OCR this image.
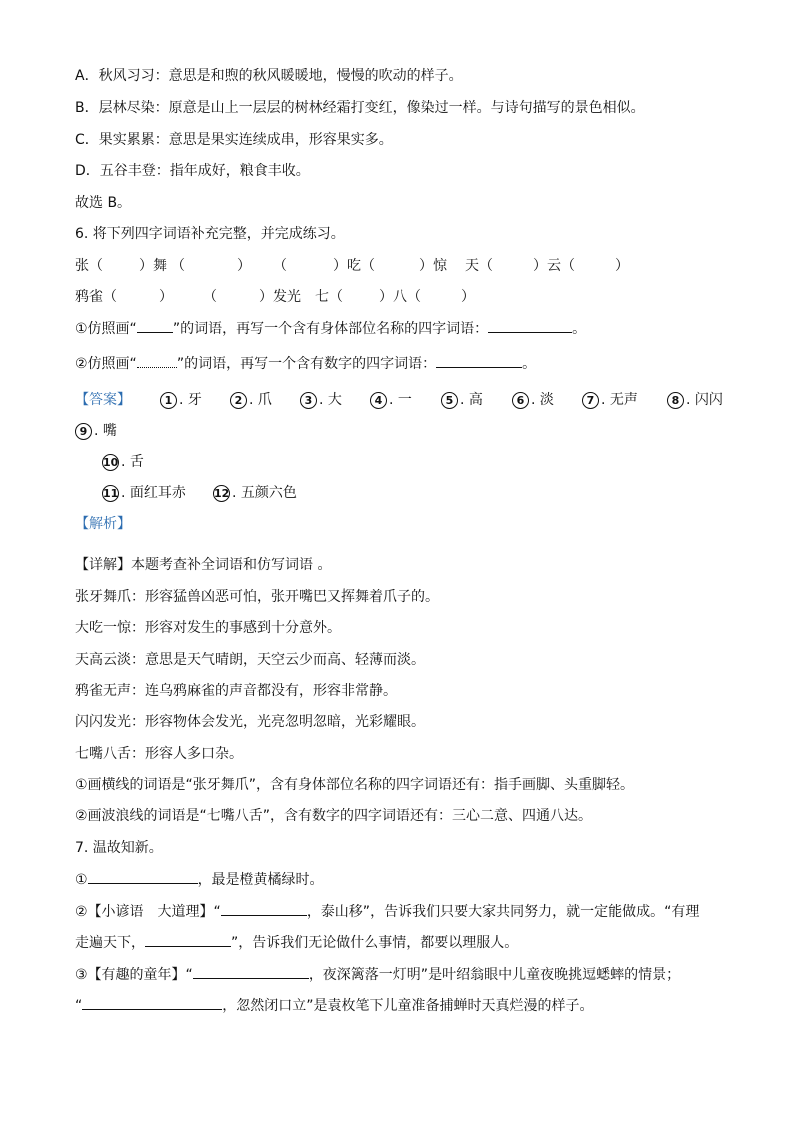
A．秋风习习：意思是和煦的秋风暖暖地，慢慢的吹动的样子。
B．层林尽染：原意是山上一层层的树林经霜打变红，像染过一样。与诗句描写的景色相似。
C．果实累累：意思是果实连续成串，形容果实多。
D．五谷丰登：指年成好，粮食丰收。
故选 B。
6. 将下列四字词语补充完整，并完成练习。
张（	）舞 （	） （	）吃（	）惊 天（	）云（	）
鸦雀（	） （	）发光 七（	）八（	）
①仿照画“	”的词语，再写一个含有身体部位名称的四字词语：	。
②仿照画“	”的词语，再写一个含有数字的四字词语：	。
【答案】	1 . 牙	2 . 爪	3 . 大	4 . 一	5 . 高	6 . 淡	7 . 无声	8 . 闪闪
9 . 嘴
10 . 舌
11 . 面红耳赤	12 . 五颜六色
【解析】
【详解】本题考查补全词语和仿写词语 。
张牙舞爪：形容猛兽凶恶可怕，张开嘴巴又挥舞着爪子的。
大吃一惊：形容对发生的事感到十分意外。
天高云淡：意思是天气晴朗，天空云少而高、轻薄而淡。
鸦雀无声：连乌鸦麻雀的声音都没有，形容非常静。
闪闪发光：形容物体会发光，光亮忽明忽暗，光彩耀眼。
七嘴八舌：形容人多口杂。
①画横线的词语是“张牙舞爪”，含有身体部位名称的四字词语还有：指手画脚、头重脚轻。
②画波浪线的词语是“七嘴八舌”，含有数字的四字词语还有：三心二意、四通八达。
7. 温故知新。
①	，最是橙黄橘绿时。
②【小谚语　大道理】“	，泰山移”，告诉我们只要大家共同努力，就一定能做成。“有理
走遍天下，	”，告诉我们无论做什么事情，都要以理服人。
③【有趣的童年】“	，夜深篱落一灯明”是叶绍翁眼中儿童夜晚挑逗蟋蟀的情景；
“	，忽然闭口立”是袁枚笔下儿童准备捕蝉时天真烂漫的样子。
